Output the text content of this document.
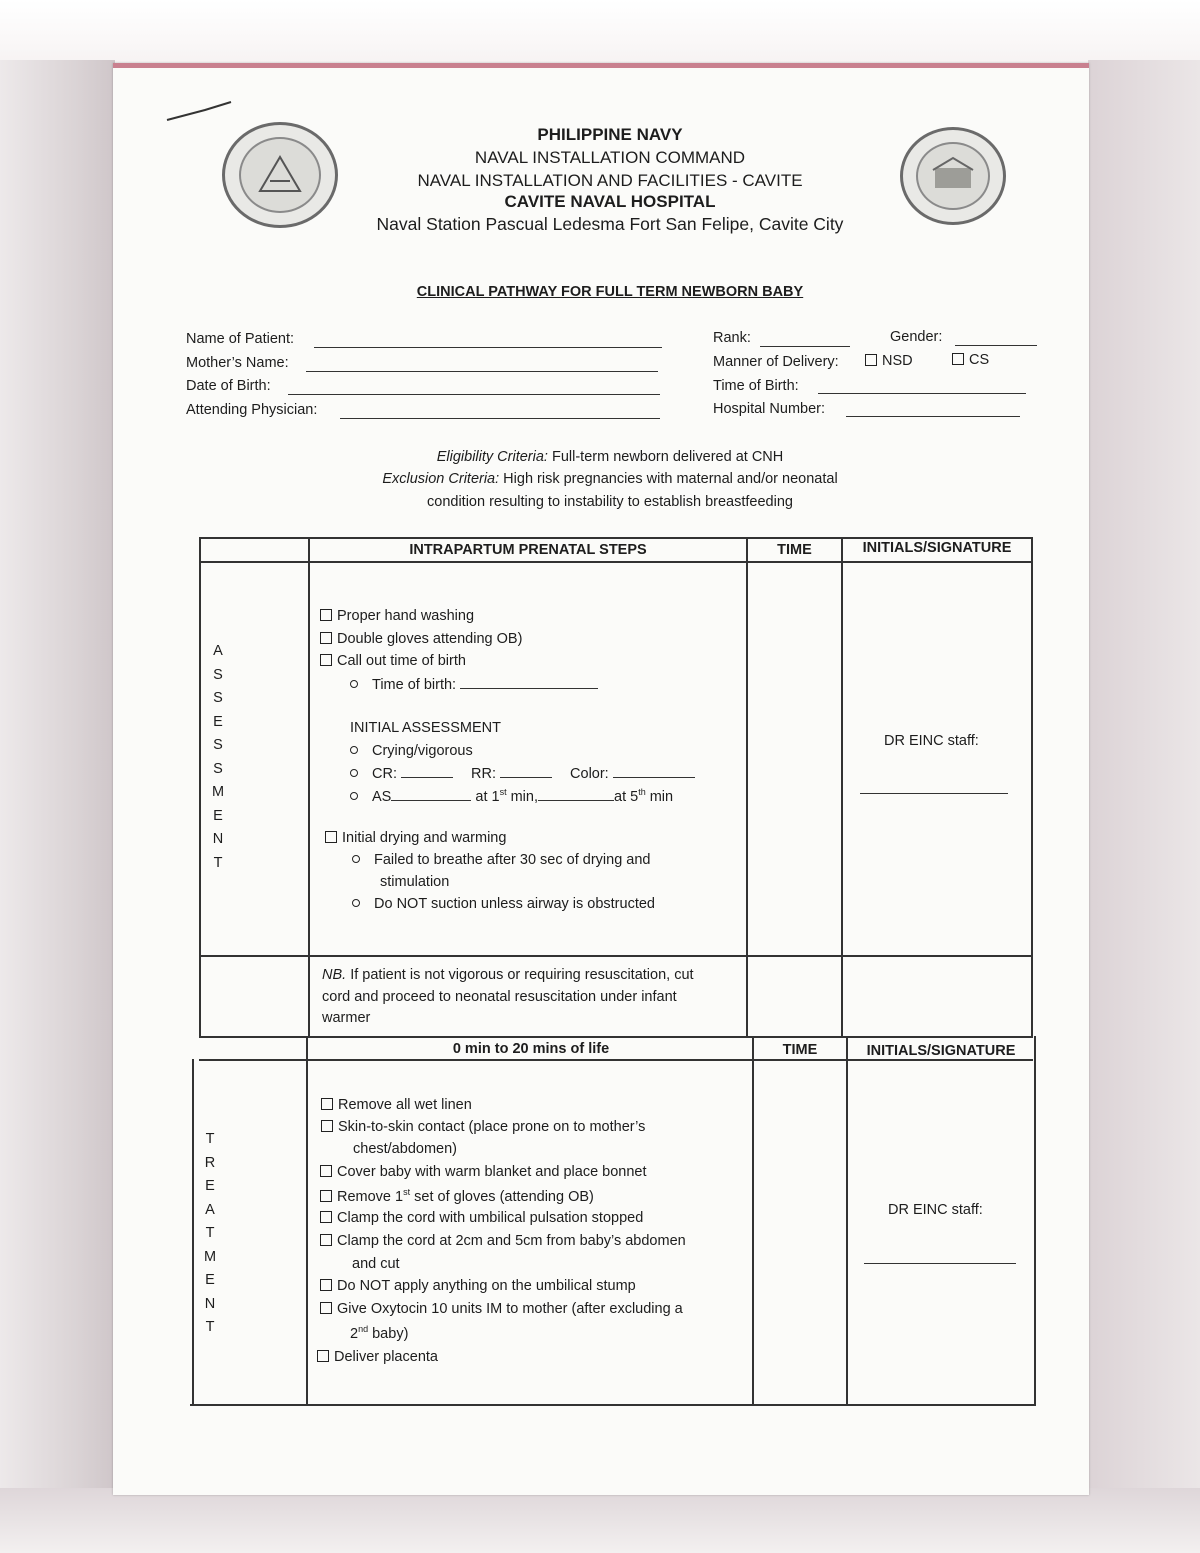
PHILIPPINE NAVY
NAVAL INSTALLATION COMMAND
NAVAL INSTALLATION AND FACILITIES - CAVITE
CAVITE NAVAL HOSPITAL
Naval Station Pascual Ledesma Fort San Felipe, Cavite City
CLINICAL PATHWAY FOR FULL TERM NEWBORN BABY
Name of Patient:
Mother’s Name:
Date of Birth:
Attending Physician:
Rank:	Gender:
Manner of Delivery:	NSD	CS
Time of Birth:
Hospital Number:
Eligibility Criteria: Full-term newborn delivered at CNH
Exclusion Criteria: High risk pregnancies with maternal and/or neonatal
condition resulting to instability to establish breastfeeding
INTRAPARTUM PRENATAL STEPS	TIME	INITIALS/SIGNATURE
A
S
S
E
S
S
M
E
N
T
Proper hand washing
Double gloves attending OB)
Call out time of birth
Time of birth:
INITIAL ASSESSMENT
Crying/vigorous
CR:	RR:	Color:
AS	at 1st min,	at 5th min
Initial drying and warming
Failed to breathe after 30 sec of drying and
stimulation
Do NOT suction unless airway is obstructed
DR EINC staff:
NB. If patient is not vigorous or requiring resuscitation, cut
cord and proceed to neonatal resuscitation under infant
warmer
0 min to 20 mins of life	TIME	INITIALS/SIGNATURE
T
R
E
A
T
M
E
N
T
Remove all wet linen
Skin-to-skin contact (place prone on to mother’s
chest/abdomen)
Cover baby with warm blanket and place bonnet
Remove 1st set of gloves (attending OB)
Clamp the cord with umbilical pulsation stopped
Clamp the cord at 2cm and 5cm from baby’s abdomen
and cut
Do NOT apply anything on the umbilical stump
Give Oxytocin 10 units IM to mother (after excluding a
2nd baby)
Deliver placenta
DR EINC staff:
